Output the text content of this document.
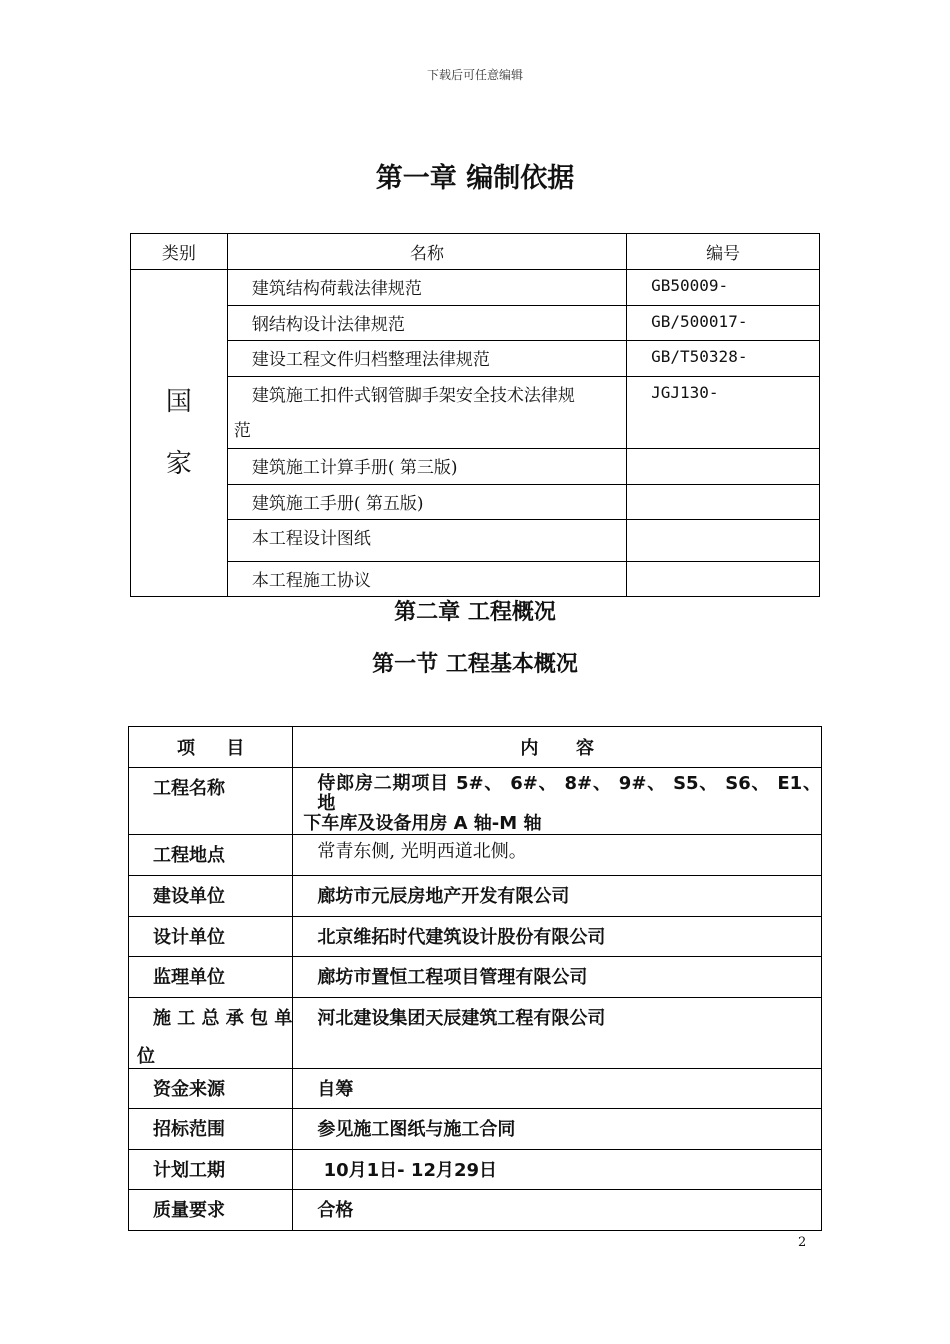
下载后可任意编辑
第一章 编制依据
类别	名称	编号

国
家	建筑结构荷载法律规范	GB50009-
	钢结构设计法律规范	GB/500017-
	建设工程文件归档整理法律规范	GB/T50328-

	建筑施工扣件式钢管脚手架安全技术法律规
范	JGJ130-
	建筑施工计算手册( 第三版)	
	建筑施工手册( 第五版)	
	本工程设计图纸	
	本工程施工协议	
第二章 工程概况
第一节 工程基本概况
项     目	内      容
工程名称	侍郎房二期项目 5#、 6#、 8#、 9#、 S5、 S6、 E1、 地
下车库及设备用房 A 轴-M 轴

工程地点	常青东侧, 光明西道北侧。
建设单位	廊坊市元辰房地产开发有限公司
设计单位	北京维拓时代建筑设计股份有限公司
监理单位	廊坊市置恒工程项目管理有限公司

施 工 总 承 包 单
位	河北建设集团天辰建筑工程有限公司
资金来源	自筹
招标范围	参见施工图纸与施工合同
计划工期	10月1日- 12月29日
质量要求	合格
2
